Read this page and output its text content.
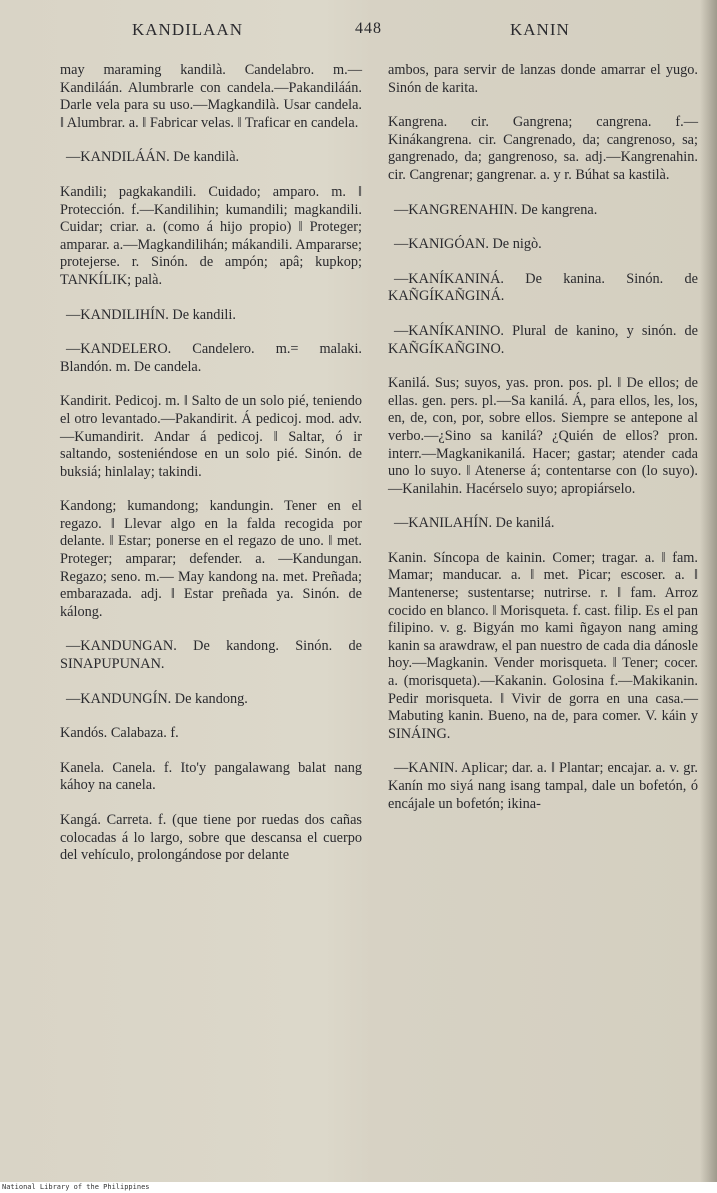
KANDILAAN	448	KANIN

may maraming kandilà. Candelabro. m.—Kandiláán. Alumbrarle con candela.—Pakandiláán. Darle vela para su uso.—Magkandilà. Usar candela. ‖ Alumbrar. a. ‖ Fabricar velas. ‖ Traficar en candela.

—KANDILÁÁN. De kandilà.

Kandili; pagkakandili. Cuidado; amparo. m. ‖ Protección. f.—Kandilihin; kumandili; magkandili. Cuidar; criar. a. (como á hijo propio) ‖ Proteger; amparar. a.—Magkandilihán; mákandili. Ampararse; protejerse. r. Sinón. de ampón; apâ; kupkop; TANKÍLIK; palà.

—KANDILIHÍN. De kandili.

—KANDELERO. Candelero. m.= malaki. Blandón. m. De candela.

Kandirit. Pedicoj. m. ‖ Salto de un solo pié, teniendo el otro levantado.—Pakandirit. Á pedicoj. mod. adv.—Kumandirit. Andar á pedicoj. ‖ Saltar, ó ir saltando, sosteniéndose en un solo pié. Sinón. de buksiá; hinlalay; takindi.

Kandong; kumandong; kandungin. Tener en el regazo. ‖ Llevar algo en la falda recogida por delante. ‖ Estar; ponerse en el regazo de uno. ‖ met. Proteger; amparar; defender. a. —Kandungan. Regazo; seno. m.— May kandong na. met. Preñada; embarazada. adj. ‖ Estar preñada ya. Sinón. de kálong.

—KANDUNGAN. De kandong. Sinón. de SINAPUPUNAN.

—KANDUNGÍN. De kandong.

Kandós. Calabaza. f.

Kanela. Canela. f. Ito'y pangalawang balat nang káhoy na canela.

Kangá. Carreta. f. (que tiene por ruedas dos cañas colocadas á lo largo, sobre que descansa el cuerpo del vehículo, prolongándose por delante

ambos, para servir de lanzas donde amarrar el yugo. Sinón de karita.

Kangrena. cir. Gangrena; cangrena. f.—Kinákangrena. cir. Cangrenado, da; cangrenoso, sa; gangrenado, da; gangrenoso, sa. adj.—Kangrenahin. cir. Cangrenar; gangrenar. a. y r. Búhat sa kastilà.

—KANGRENAHIN. De kangrena.

—KANIGÓAN. De nigò.

—KANÍKANINÁ. De kanina. Sinón. de KAÑGÍKAÑGINÁ.

—KANÍKANINO. Plural de kanino, y sinón. de KAÑGÍKAÑGINO.

Kanilá. Sus; suyos, yas. pron. pos. pl. ‖ De ellos; de ellas. gen. pers. pl.—Sa kanilá. Á, para ellos, les, los, en, de, con, por, sobre ellos. Siempre se antepone al verbo.—¿Sino sa kanilá? ¿Quién de ellos? pron. interr.—Magkanikanilá. Hacer; gastar; atender cada uno lo suyo. ‖ Atenerse á; contentarse con (lo suyo).—Kanilahin. Hacérselo suyo; apropiárselo.

—KANILAHÍN. De kanilá.

Kanin. Síncopa de kainin. Comer; tragar. a. ‖ fam. Mamar; manducar. a. ‖ met. Picar; escoser. a. ‖ Mantenerse; sustentarse; nutrirse. r. ‖ fam. Arroz cocido en blanco. ‖ Morisqueta. f. cast. filip. Es el pan filipino. v. g. Bigyán mo kami ñgayon nang aming kanin sa arawdraw, el pan nuestro de cada dia dánosle hoy.—Magkanin. Vender morisqueta. ‖ Tener; cocer. a. (morisqueta).—Kakanin. Golosina f.—Makikanin. Pedir morisqueta. ‖ Vivir de gorra en una casa.—Mabuting kanin. Bueno, na de, para comer. V. káin y SINÁING.

—KANIN. Aplicar; dar. a. ‖ Plantar; encajar. a. v. gr. Kanín mo siyá nang isang tampal, dale un bofetón, ó encájale un bofetón; ikina-

National Library of the Philippines
